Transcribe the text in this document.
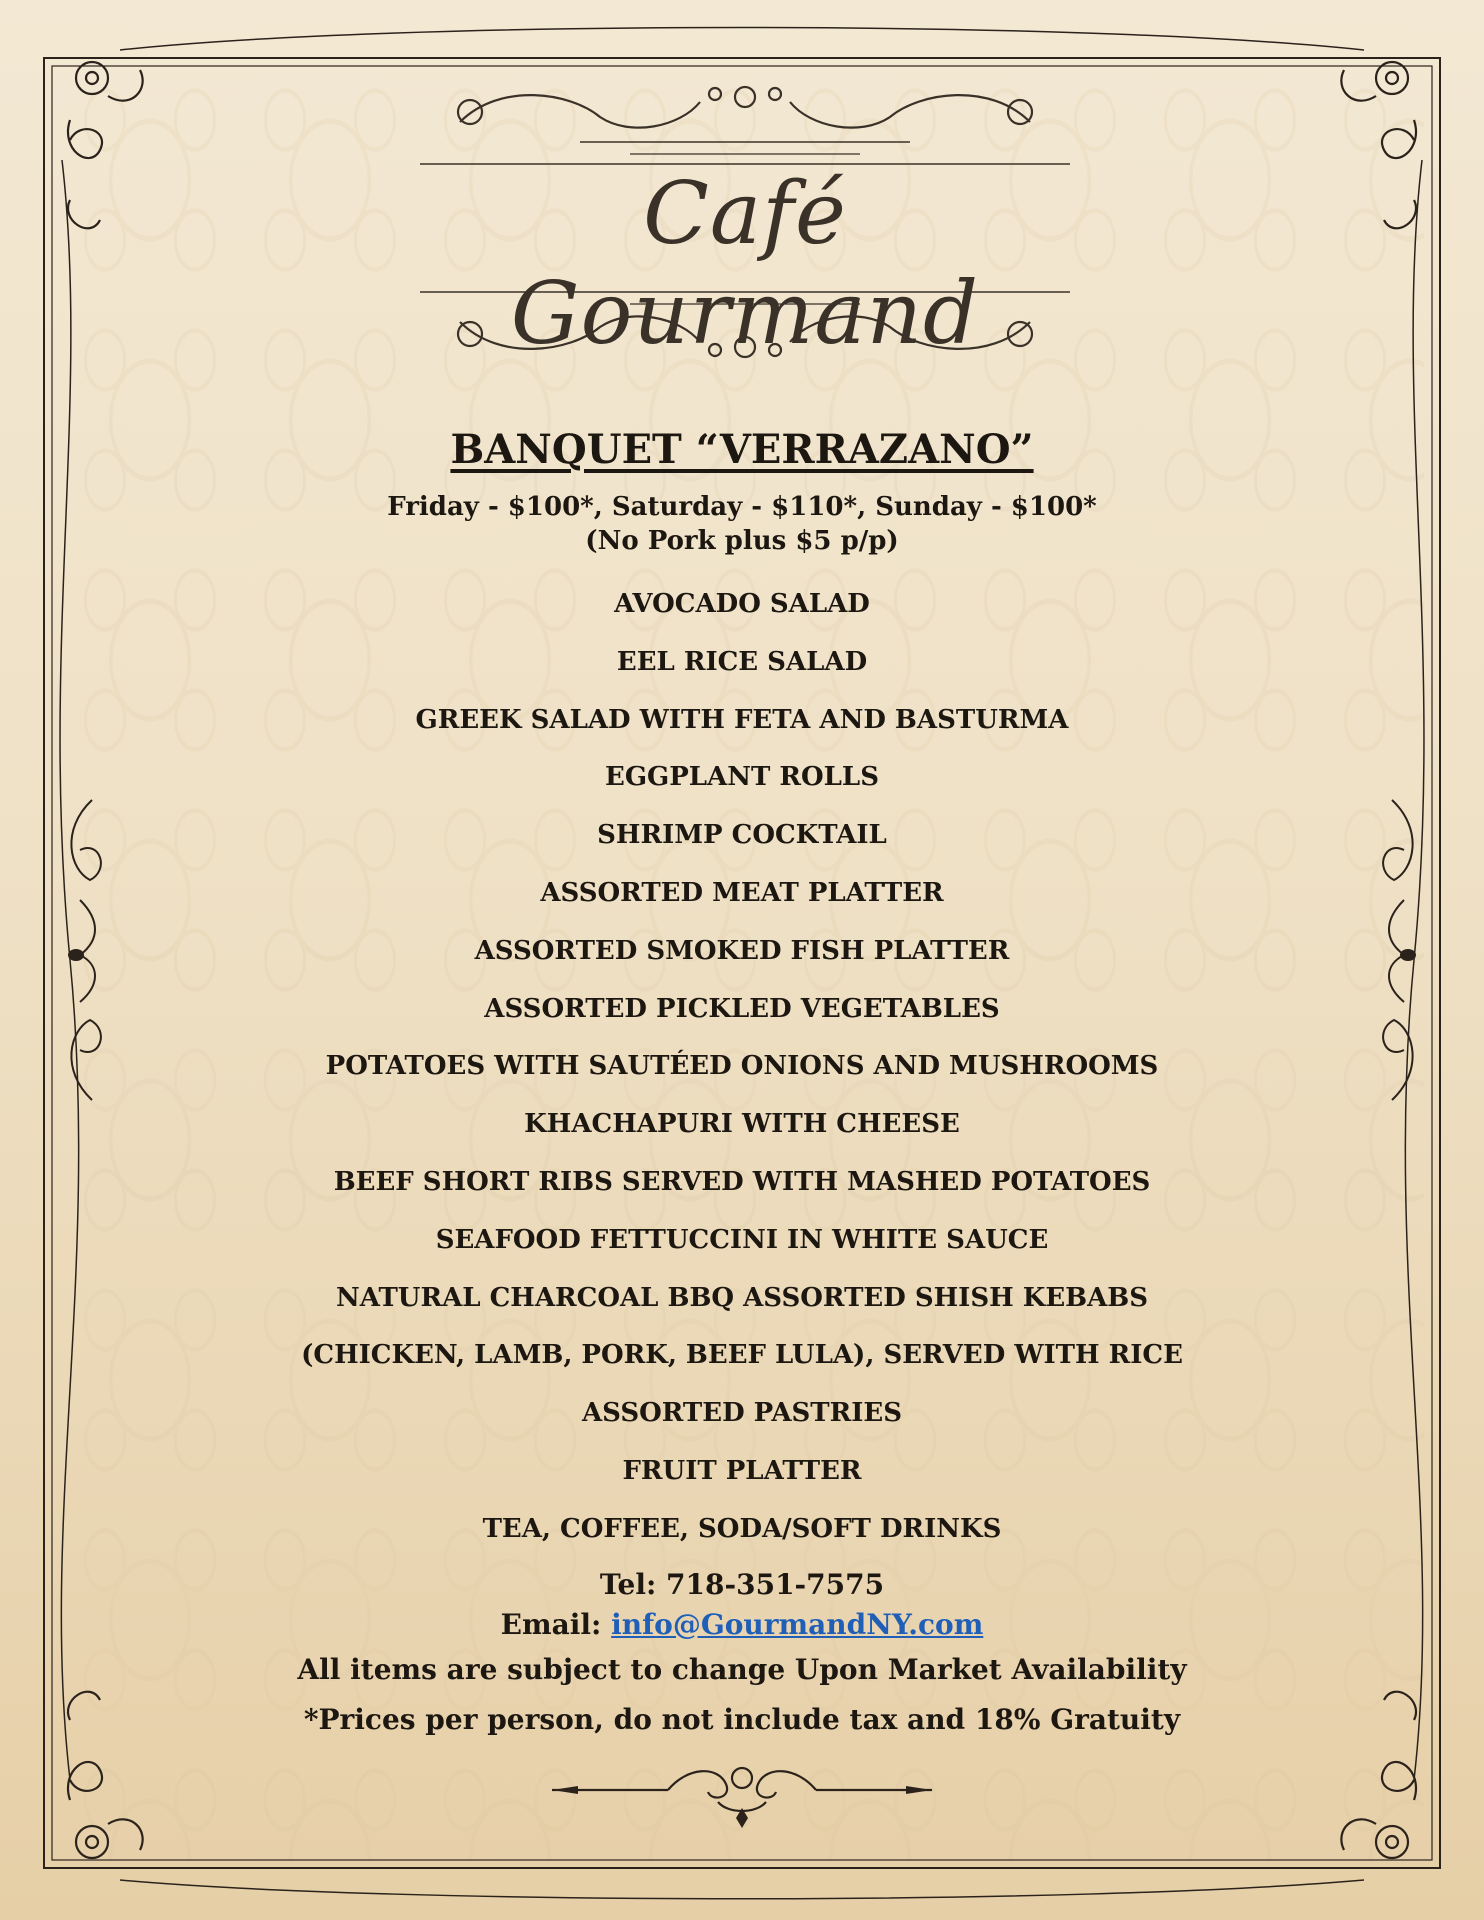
Café Gourmand
BANQUET “VERRAZANO”
Friday - $100*, Saturday - $110*, Sunday - $100*
(No Pork plus $5 p/p)
AVOCADO SALAD
EEL RICE SALAD
GREEK SALAD WITH FETA AND BASTURMA
EGGPLANT ROLLS
SHRIMP COCKTAIL
ASSORTED MEAT PLATTER
ASSORTED SMOKED FISH PLATTER
ASSORTED PICKLED VEGETABLES
POTATOES WITH SAUTÉED ONIONS AND MUSHROOMS
KHACHAPURI WITH CHEESE
BEEF SHORT RIBS SERVED WITH MASHED POTATOES
SEAFOOD FETTUCCINI IN WHITE SAUCE
NATURAL CHARCOAL BBQ ASSORTED SHISH KEBABS
(CHICKEN, LAMB, PORK, BEEF LULA), SERVED WITH RICE
ASSORTED PASTRIES
FRUIT PLATTER
TEA, COFFEE, SODA/SOFT DRINKS
Tel: 718-351-7575
Email: info@GourmandNY.com
All items are subject to change Upon Market Availability
*Prices per person, do not include tax and 18% Gratuity
